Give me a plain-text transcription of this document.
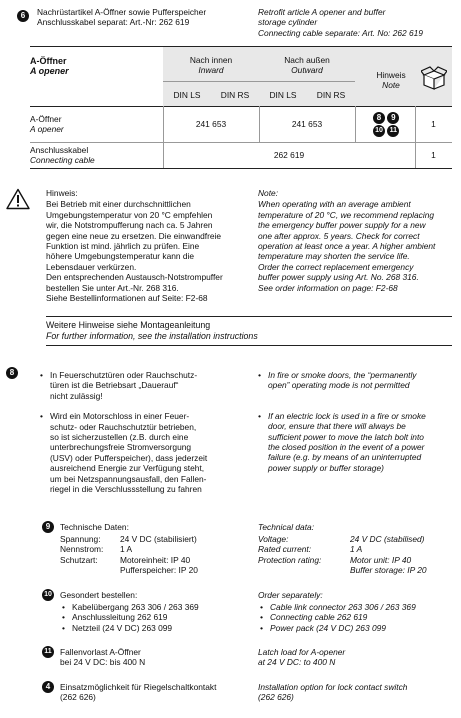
6	Nachrüstartikel A-Öffner sowie Pufferspeicher
Anschlusskabel separat: Art.-Nr: 262 619
Retrofit article A opener and buffer
storage cylinder
Connecting cable separate: Art. No: 262 619
A-Öffner
A opener
Nach innen
Inward
Nach außen
Outward	Hinweis
Note
DIN LS	DIN RS	DIN LS	DIN RS
A-Öffner
A opener
241 653	241 653
8 9
10 11
1
Anschlusskabel
Connecting cable
262 619	1
Hinweis:
Bei Betrieb mit einer durchschnittlichen
Umgebungstemperatur von 20 °C empfehlen
wir, die Notstrompufferung nach ca. 5 Jahren
gegen eine neue zu ersetzen. Die einwandfreie
Funktion ist mind. jährlich zu prüfen. Eine
höhere Umgebungstemperatur kann die
Lebensdauer verkürzen.
Den entsprechenden Austausch-Notstrompuffer
bestellen Sie unter Art.-Nr. 268 316.
Siehe Bestellinformationen auf Seite: F2-68
Note:
When operating with an average ambient
temperature of 20 °C, we recommend replacing
the emergency buffer power supply for a new
one after approx. 5 years. Check for correct
operation at least once a year. A higher ambient
temperature may shorten the service life.
Order the correct replacement emergency
buffer power supply using Art. No. 268 316.
See order information on page: F2-68
Weitere Hinweise siehe Montageanleitung
For further information, see the installation instructions
8
•	In Feuerschutztüren oder Rauchschutz-
türen ist die Betriebsart „Dauerauf“
nicht zulässig!
• Wird ein Motorschloss in einer Feuer-
schutz- oder Rauchschutztür betrieben,
so ist sicherzustellen (z.B. durch eine
unterbrechungsfreie Stromversorgung
(USV) oder Pufferspeicher), dass jederzeit
ausreichend Energie zur Verfügung steht,
um bei Netzspannungsausfall, den Fallen-
riegel in die Verschlussstellung zu fahren
• In fire or smoke doors, the “permanently
open” operating mode is not permitted
• If an electric lock is used in a fire or smoke
door, ensure that there will always be
sufficient power to move the latch bolt into
the closed position in the event of a power
failure (e.g. by means of an uninterrupted
power supply or buffer storage)
9	Technische Daten:
Spannung:	24 V DC (stabilisiert)
Nennstrom:	1 A
Schutzart:	Motoreinheit: IP 40
Pufferspeicher: IP 20
Technical data:
Voltage:	24 V DC (stabilised)
Rated current:	1 A
Protection rating:	Motor unit: IP 40
Buffer storage: IP 20
10 Gesondert bestellen:
• Kabelübergang 263 306 / 263 369
• Anschlussleitung 262 619
• Netzteil (24 V DC) 263 099
Order separately:
• Cable link connector 263 306 / 263 369
• Connecting cable 262 619
• Power pack (24 V DC) 263 099
11 Fallenvorlast A-Öffner
bei 24 V DC: bis 400 N
Latch load for A-opener
at 24 V DC: to 400 N
4	Einsatzmöglichkeit für Riegelschaltkontakt
(262 626)
Installation option for lock contact switch
(262 626)
